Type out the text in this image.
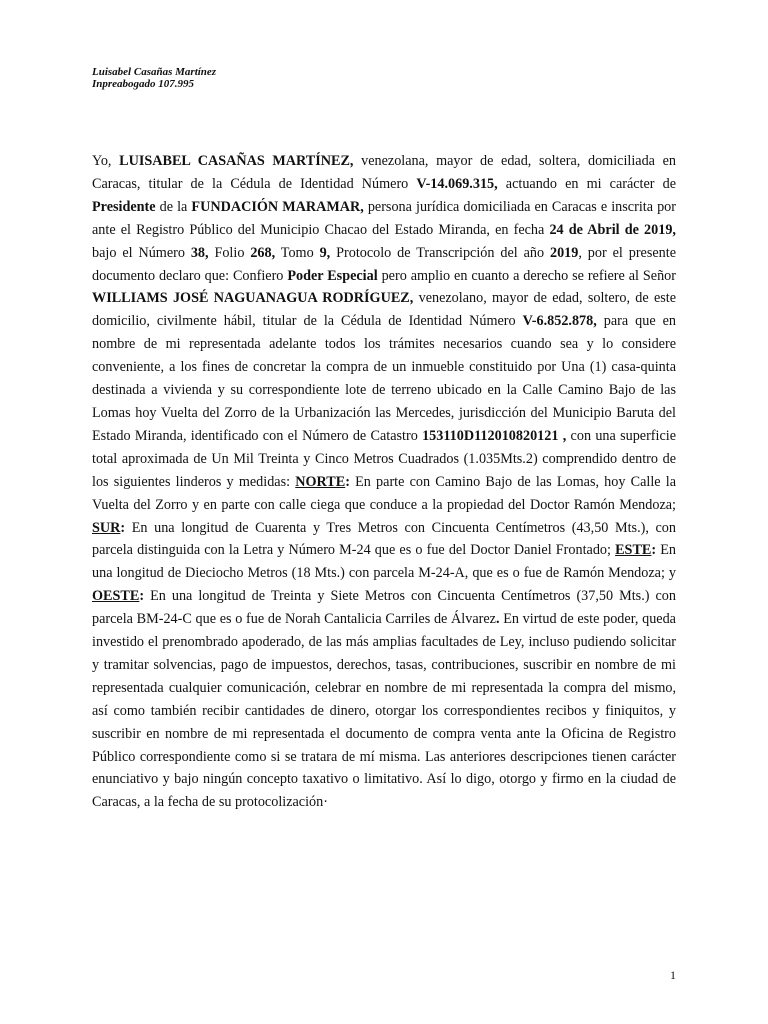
Luisabel Casañas Martínez
Inpreabogado 107.995
Yo, LUISABEL CASAÑAS MARTÍNEZ, venezolana, mayor de edad, soltera, domiciliada en Caracas, titular de la Cédula de Identidad Número V-14.069.315, actuando en mi carácter de Presidente de la FUNDACIÓN MARAMAR, persona jurídica domiciliada en Caracas e inscrita por ante el Registro Público del Municipio Chacao del Estado Miranda, en fecha 24 de Abril de 2019, bajo el Número 38, Folio 268, Tomo 9, Protocolo de Transcripción del año 2019, por el presente documento declaro que: Confiero Poder Especial pero amplio en cuanto a derecho se refiere al Señor WILLIAMS JOSÉ NAGUANAGUA RODRÍGUEZ, venezolano, mayor de edad, soltero, de este domicilio, civilmente hábil, titular de la Cédula de Identidad Número V-6.852.878, para que en nombre de mi representada adelante todos los trámites necesarios cuando sea y lo considere conveniente, a los fines de concretar la compra de un inmueble constituido por Una (1) casa-quinta destinada a vivienda y su correspondiente lote de terreno ubicado en la Calle Camino Bajo de las Lomas hoy Vuelta del Zorro de la Urbanización las Mercedes, jurisdicción del Municipio Baruta del Estado Miranda, identificado con el Número de Catastro 153110D112010820121 , con una superficie total aproximada de Un Mil Treinta y Cinco Metros Cuadrados (1.035Mts.2) comprendido dentro de los siguientes linderos y medidas: NORTE: En parte con Camino Bajo de las Lomas, hoy Calle la Vuelta del Zorro y en parte con calle ciega que conduce a la propiedad del Doctor Ramón Mendoza; SUR: En una longitud de Cuarenta y Tres Metros con Cincuenta Centímetros (43,50 Mts.), con parcela distinguida con la Letra y Número M-24 que es o fue del Doctor Daniel Frontado; ESTE: En una longitud de Dieciocho Metros (18 Mts.) con parcela M-24-A, que es o fue de Ramón Mendoza; y OESTE: En una longitud de Treinta y Siete Metros con Cincuenta Centímetros (37,50 Mts.) con parcela BM-24-C que es o fue de Norah Cantalicia Carriles de Álvarez. En virtud de este poder, queda investido el prenombrado apoderado, de las más amplias facultades de Ley, incluso pudiendo solicitar y tramitar solvencias, pago de impuestos, derechos, tasas, contribuciones, suscribir en nombre de mi representada cualquier comunicación, celebrar en nombre de mi representada la compra del mismo, así como también recibir cantidades de dinero, otorgar los correspondientes recibos y finiquitos, y suscribir en nombre de mi representada el documento de compra venta ante la Oficina de Registro Público correspondiente como si se tratara de mí misma. Las anteriores descripciones tienen carácter enunciativo y bajo ningún concepto taxativo o limitativo. Así lo digo, otorgo y firmo en la ciudad de Caracas, a la fecha de su protocolización·
1
